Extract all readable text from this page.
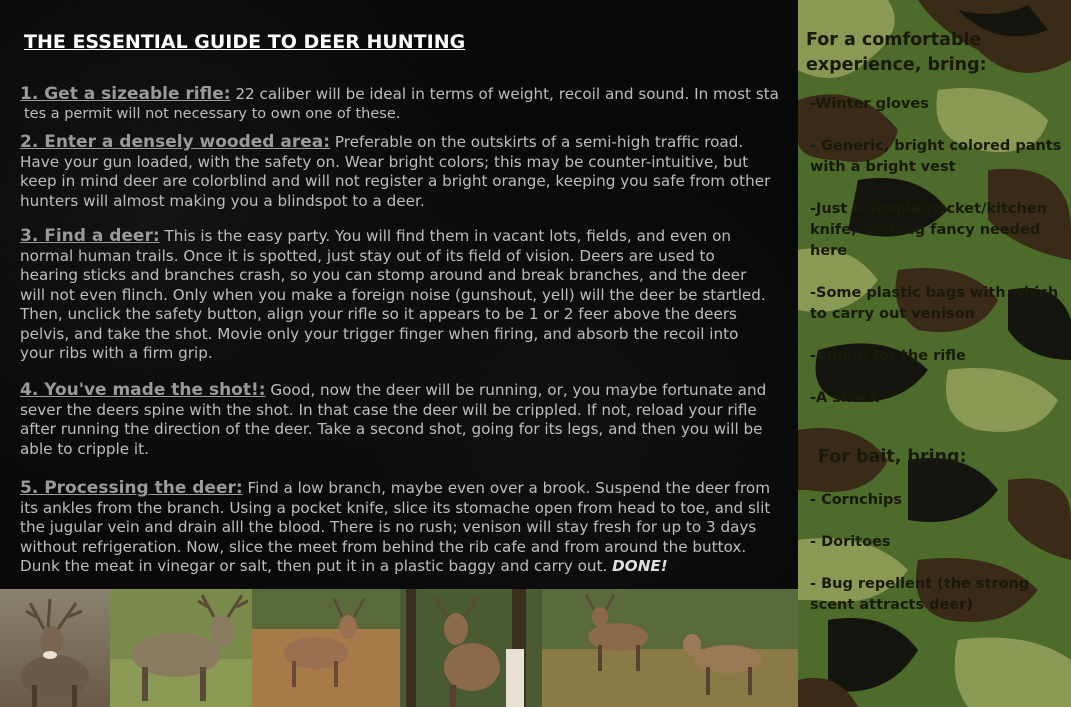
THE ESSENTIAL GUIDE TO DEER HUNTING
1. Get a sizeable rifle: 22 caliber will be ideal in terms of weight, recoil and sound. In most sta
tes a permit will not necessary to own one of these.
2. Enter a densely wooded area: Preferable on the outskirts of a semi-high traffic road. Have your gun loaded, with the safety on. Wear bright colors; this may be counter-intuitive, but keep in mind deer are colorblind and will not register a bright orange, keeping you safe from other hunters will almost making you a blindspot to a deer.
3. Find a deer: This is the easy party. You will find them in vacant lots, fields, and even on normal human trails. Once it is spotted, just stay out of its field of vision. Deers are used to hearing sticks and branches crash, so you can stomp around and break branches, and the deer will not even flinch. Only when you make a foreign noise (gunshout, yell) will the deer be startled. Then, unclick the safety button, align your rifle so it appears to be 1 or 2 feer above the deers pelvis, and take the shot. Movie only your trigger finger when firing, and absorb the recoil into your ribs with a firm grip.
4. You've made the shot!: Good, now the deer will be running, or, you maybe fortunate and sever the deers spine with the shot. In that case the deer will be crippled. If not, reload your rifle after running the direction of the deer. Take a second shot, going for its legs, and then you will be able to cripple it.
5. Processing the deer: Find a low branch, maybe even over a brook. Suspend the deer from its ankles from the branch. Using a pocket knife, slice its stomache open from head to toe, and slit the jugular vein and drain alll the blood. There is no rush; venison will stay fresh for up to 3 days without refrigeration. Now, slice the meet from behind the rib cafe and from around the buttox. Dunk the meat in vinegar or salt, then put it in a plastic baggy and carry out. DONE!
For a comfortable experience, bring:
-Winter gloves
- Generic, bright colored pants with a bright vest
-Just a simple pocket/kitchen knife; nothing fancy needed here
-Some plastic bags with which to carry out venison
-Ammo for the rifle
-A snack
For bait, bring:
- Cornchips
- Doritoes
- Bug repellent (the strong scent attracts deer)
